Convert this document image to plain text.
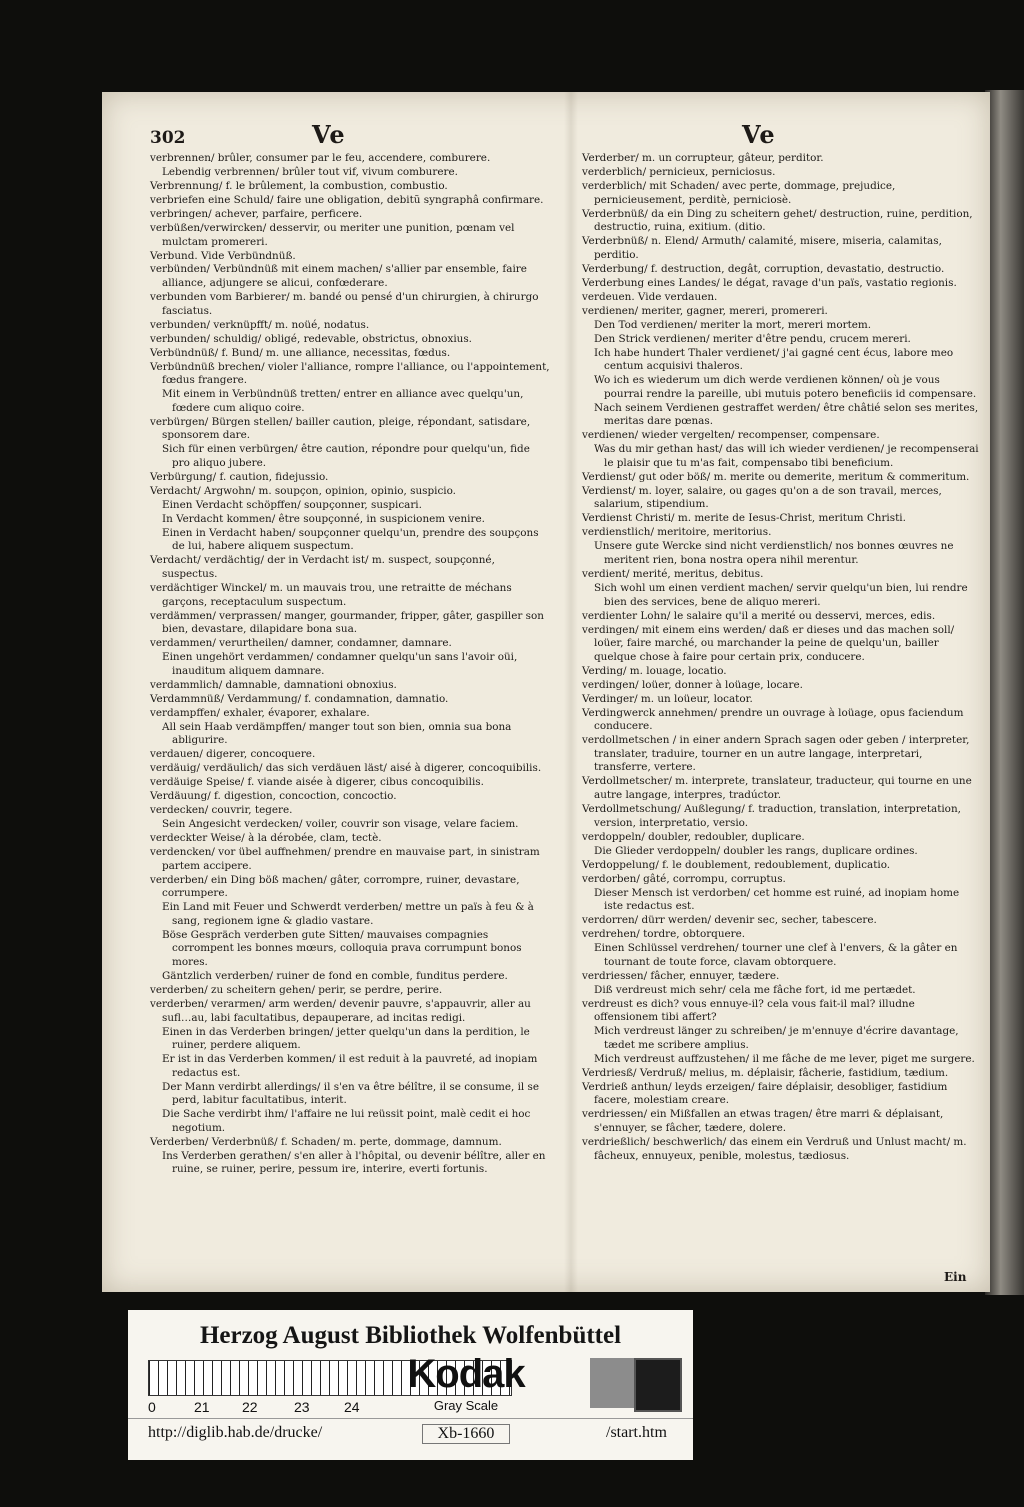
302	Ve	Ve

verbrennen/ brûler, consumer par le feu, accendere, comburere.

Lebendig verbrennen/ brûler tout vif, vivum comburere.

Verbrennung/ f. le brûlement, la combustion, combustio.

verbriefen eine Schuld/ faire une obligation, debitũ syngraphâ confirmare.

verbringen/ achever, parfaire, perficere.

verbüßen/verwircken/ desservir, ou meriter une punition, pœnam vel mulctam promereri.

Verbund. Vide Verbündnüß.

verbünden/ Verbündnüß mit einem machen/ s'allier par ensemble, faire alliance, adjungere se alicui, confœderare.

verbunden vom Barbierer/ m. bandé ou pensé d'un chirurgien, à chirurgo fasciatus.

verbunden/ verknüpfft/ m. noüé, nodatus.

verbunden/ schuldig/ obligé, redevable, obstrictus, obnoxius.

Verbündnüß/ f. Bund/ m. une alliance, necessitas, fœdus.

Verbündnüß brechen/ violer l'alliance, rompre l'alliance, ou l'appointement, fœdus frangere.

Mit einem in Verbündnüß tretten/ entrer en alliance avec quelqu'un, fœdere cum aliquo coire.

verbürgen/ Bürgen stellen/ bailler caution, pleige, répondant, satisdare, sponsorem dare.

Sich für einen verbürgen/ être caution, répondre pour quelqu'un, fide pro aliquo jubere.

Verbürgung/ f. caution, fidejussio.

Verdacht/ Argwohn/ m. soupçon, opinion, opinio, suspicio.

Einen Verdacht schöpffen/ soupçonner, suspicari.

In Verdacht kommen/ être soupçonné, in suspicionem venire.

Einen in Verdacht haben/ soupçonner quelqu'un, prendre des soupçons de lui, habere aliquem suspectum.

Verdacht/ verdächtig/ der in Verdacht ist/ m. suspect, soupçonné, suspectus.

verdächtiger Winckel/ m. un mauvais trou, une retraitte de méchans garçons, receptaculum suspectum.

verdämmen/ verprassen/ manger, gourmander, fripper, gâter, gaspiller son bien, devastare, dilapidare bona sua.

verdammen/ verurtheilen/ damner, condamner, damnare.

Einen ungehört verdammen/ condamner quelqu'un sans l'avoir oüi, inauditum aliquem damnare.

verdammlich/ damnable, damnationi obnoxius.

Verdammnüß/ Verdammung/ f. condamnation, damnatio.

verdampffen/ exhaler, évaporer, exhalare.

All sein Haab verdämpffen/ manger tout son bien, omnia sua bona abligurire.

verdauen/ digerer, concoquere.

verdäuig/ verdäulich/ das sich verdäuen läst/ aisé à digerer, concoquibilis.

verdäuige Speise/ f. viande aisée à digerer, cibus concoquibilis.

Verdäuung/ f. digestion, concoction, concoctio.

verdecken/ couvrir, tegere.

Sein Angesicht verdecken/ voiler, couvrir son visage, velare faciem.

verdeckter Weise/ à la dérobée, clam, tectè.

verdencken/ vor übel auffnehmen/ prendre en mauvaise part, in sinistram partem accipere.

verderben/ ein Ding böß machen/ gâter, corrompre, ruiner, devastare, corrumpere.

Ein Land mit Feuer und Schwerdt verderben/ mettre un païs à feu & à sang, regionem igne & gladio vastare.

Böse Gespräch verderben gute Sitten/ mauvaises compagnies corrompent les bonnes mœurs, colloquia prava corrumpunt bonos mores.

Gäntzlich verderben/ ruiner de fond en comble, funditus perdere.

verderben/ zu scheitern gehen/ perir, se perdre, perire.

verderben/ verarmen/ arm werden/ devenir pauvre, s'appauvrir, aller au sufl…au, labi facultatibus, depauperare, ad incitas redigi.

Einen in das Verderben bringen/ jetter quelqu'un dans la perdition, le ruiner, perdere aliquem.

Er ist in das Verderben kommen/ il est reduit à la pauvreté, ad inopiam redactus est.

Der Mann verdirbt allerdings/ il s'en va être bélître, il se consume, il se perd, labitur facultatibus, interit.

Die Sache verdirbt ihm/ l'affaire ne lui reüssit point, malè cedit ei hoc negotium.

Verderben/ Verderbnüß/ f. Schaden/ m. perte, dommage, damnum.

Ins Verderben gerathen/ s'en aller à l'hôpital, ou devenir bélître, aller en ruine, se ruiner, perire, pessum ire, interire, everti fortunis.

Verderber/ m. un corrupteur, gâteur, perditor.

verderblich/ pernicieux, perniciosus.

verderblich/ mit Schaden/ avec perte, dommage, prejudice, pernicieusement, perditè, perniciosè.

Verderbnüß/ da ein Ding zu scheitern gehet/ destruction, ruine, perdition, destructio, ruina, exitium. (ditio.

Verderbnüß/ n. Elend/ Armuth/ calamité, misere, miseria, calamitas, perditio.

Verderbung/ f. destruction, degât, corruption, devastatio, destructio.

Verderbung eines Landes/ le dégat, ravage d'un païs, vastatio regionis.

verdeuen. Vide verdauen.

verdienen/ meriter, gagner, mereri, promereri.

Den Tod verdienen/ meriter la mort, mereri mortem.

Den Strick verdienen/ meriter d'être pendu, crucem mereri.

Ich habe hundert Thaler verdienet/ j'ai gagné cent écus, labore meo centum acquisivi thaleros.

Wo ich es wiederum um dich werde verdienen können/ où je vous pourrai rendre la pareille, ubi mutuis potero beneficiis id compensare.

Nach seinem Verdienen gestraffet werden/ être châtié selon ses merites, meritas dare pœnas.

verdienen/ wieder vergelten/ recompenser, compensare.

Was du mir gethan hast/ das will ich wieder verdienen/ je recompenserai le plaisir que tu m'as fait, compensabo tibi beneficium.

Verdienst/ gut oder böß/ m. merite ou demerite, meritum & commeritum.

Verdienst/ m. loyer, salaire, ou gages qu'on a de son travail, merces, salarium, stipendium.

Verdienst Christi/ m. merite de Iesus-Christ, meritum Christi.

verdienstlich/ meritoire, meritorius.

Unsere gute Wercke sind nicht verdienstlich/ nos bonnes œuvres ne meritent rien, bona nostra opera nihil merentur.

verdient/ merité, meritus, debitus.

Sich wohl um einen verdient machen/ servir quelqu'un bien, lui rendre bien des services, bene de aliquo mereri.

verdienter Lohn/ le salaire qu'il a merité ou desservi, merces, edis.

verdingen/ mit einem eins werden/ daß er dieses und das machen soll/ loüer, faire marché, ou marchander la peine de quelqu'un, bailler quelque chose à faire pour certain prix, conducere.

Verding/ m. louage, locatio.

verdingen/ loüer, donner à loüage, locare.

Verdinger/ m. un loüeur, locator.

Verdingwerck annehmen/ prendre un ouvrage à loüage, opus faciendum conducere.

verdollmetschen / in einer andern Sprach sagen oder geben / interpreter, translater, traduire, tourner en un autre langage, interpretari, transferre, vertere.

Verdollmetscher/ m. interprete, translateur, traducteur, qui tourne en une autre langage, interpres, tradúctor.

Verdollmetschung/ Außlegung/ f. traduction, translation, interpretation, version, interpretatio, versio.

verdoppeln/ doubler, redoubler, duplicare.

Die Glieder verdoppeln/ doubler les rangs, duplicare ordines.

Verdoppelung/ f. le doublement, redoublement, duplicatio.

verdorben/ gâté, corrompu, corruptus.

Dieser Mensch ist verdorben/ cet homme est ruiné, ad inopiam home iste redactus est.

verdorren/ dürr werden/ devenir sec, secher, tabescere.

verdrehen/ tordre, obtorquere.

Einen Schlüssel verdrehen/ tourner une clef à l'envers, & la gâter en tournant de toute force, clavam obtorquere.

verdriessen/ fâcher, ennuyer, tædere.

Diß verdreust mich sehr/ cela me fâche fort, id me pertædet.

verdreust es dich? vous ennuye-il? cela vous fait-il mal? illudne offensionem tibi affert?

Mich verdreust länger zu schreiben/ je m'ennuye d'écrire davantage, tædet me scribere amplius.

Mich verdreust auffzustehen/ il me fâche de me lever, piget me surgere.

Verdriesß/ Verdruß/ melius, m. déplaisir, fâcherie, fastidium, tædium.

Verdrieß anthun/ leyds erzeigen/ faire déplaisir, desobliger, fastidium facere, molestiam creare.

verdriessen/ ein Mißfallen an etwas tragen/ être marri & déplaisant, s'ennuyer, se fâcher, tædere, dolere.

verdrießlich/ beschwerlich/ das einem ein Verdruß und Unlust macht/ m. fâcheux, ennuyeux, penible, molestus, tædiosus.

Ein
Herzog August Bibliothek Wolfenbüttel
0	21 22	23 24
Kodak
Gray Scale
http://diglib.hab.de/drucke/	Xb-1660	/start.htm
